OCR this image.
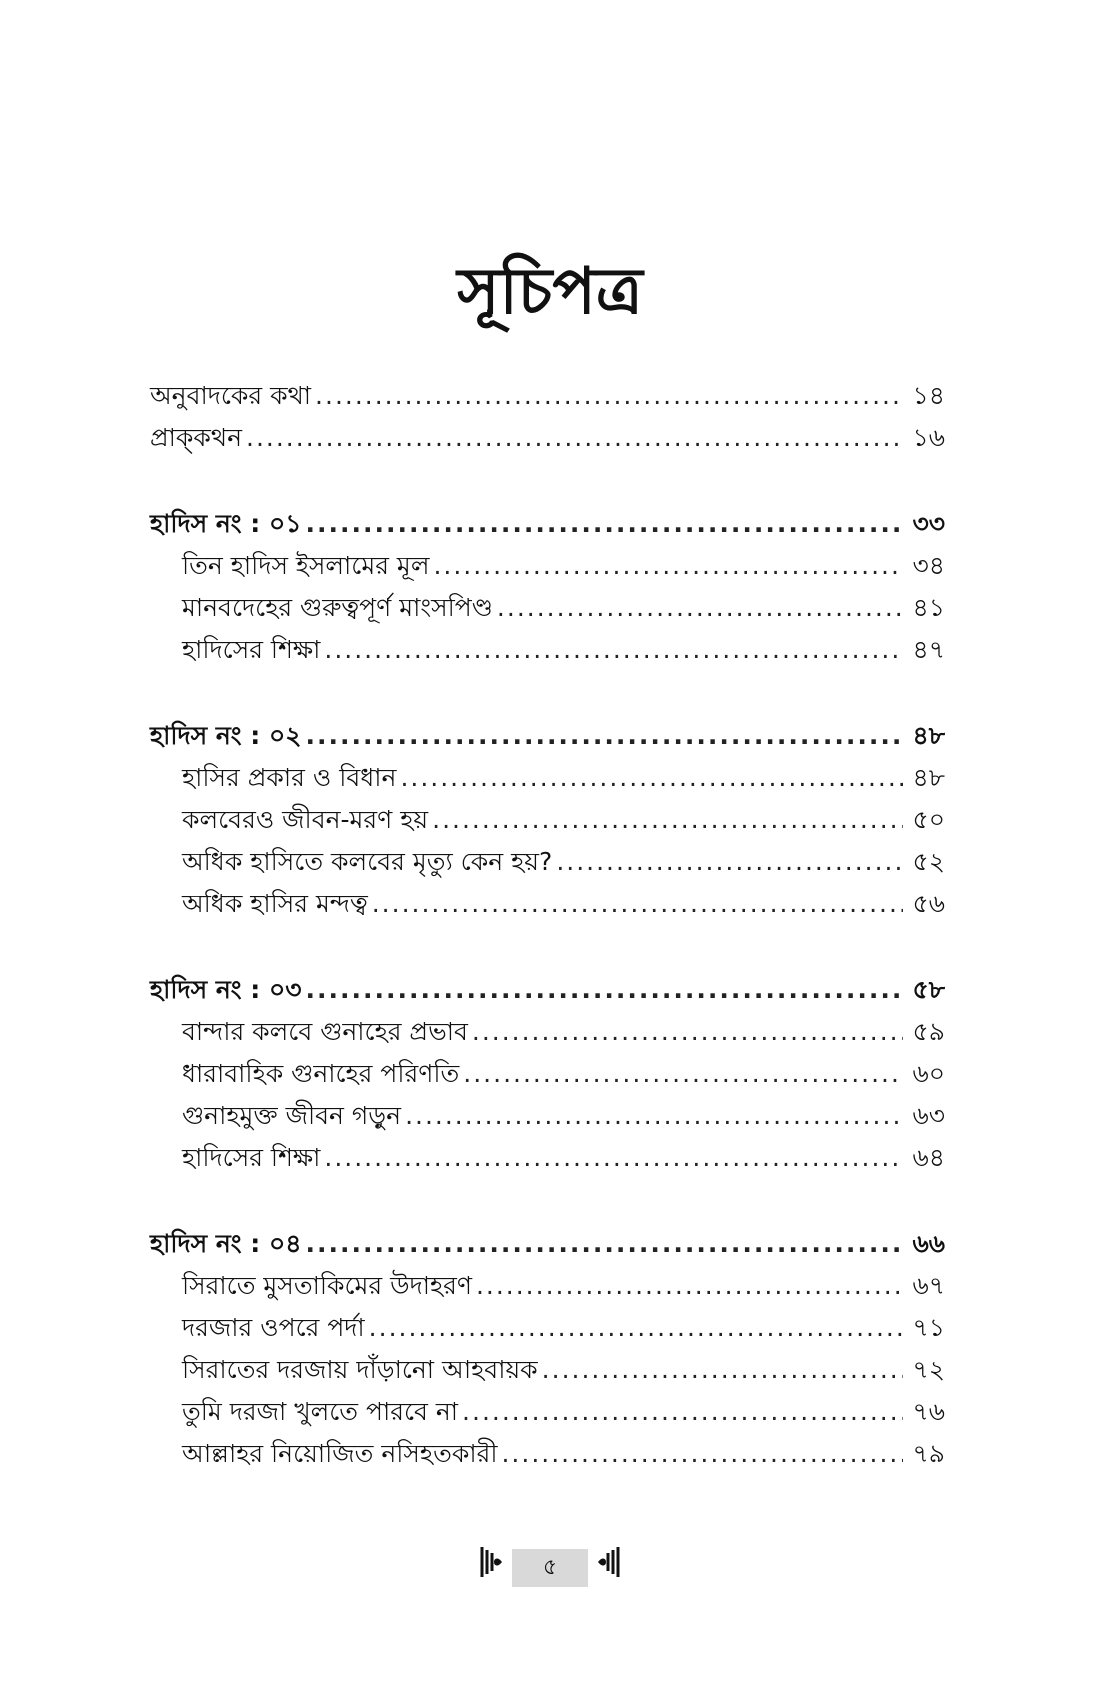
সূচিপত্র
অনুবাদকের কথা .....	১৪
প্রাক্‌কথন .....	১৬
হাদিস নং : ০১ .....	৩৩
তিন হাদিস ইসলামের মূল .....	৩৪
মানবদেহের গুরুত্বপূর্ণ মাংসপিণ্ড .....	৪১
হাদিসের শিক্ষা .....	৪৭
হাদিস নং : ০২ .....	৪৮
হাসির প্রকার ও বিধান .....	৪৮
কলবেরও জীবন-মরণ হয় .....	৫০
অধিক হাসিতে কলবের মৃত্যু কেন হয়? .....	৫২
অধিক হাসির মন্দত্ব .....	৫৬
হাদিস নং : ০৩ .....	৫৮
বান্দার কলবে গুনাহের প্রভাব .....	৫৯
ধারাবাহিক গুনাহের পরিণতি .....	৬০
গুনাহমুক্ত জীবন গড়ুন .....	৬৩
হাদিসের শিক্ষা .....	৬৪
হাদিস নং : ০৪ .....	৬৬
সিরাতে মুসতাকিমের উদাহরণ .....	৬৭
দরজার ওপরে পর্দা .....	৭১
সিরাতের দরজায় দাঁড়ানো আহবায়ক .....	৭২
তুমি দরজা খুলতে পারবে না .....	৭৬
আল্লাহর নিয়োজিত নসিহতকারী .....	৭৯
৫
